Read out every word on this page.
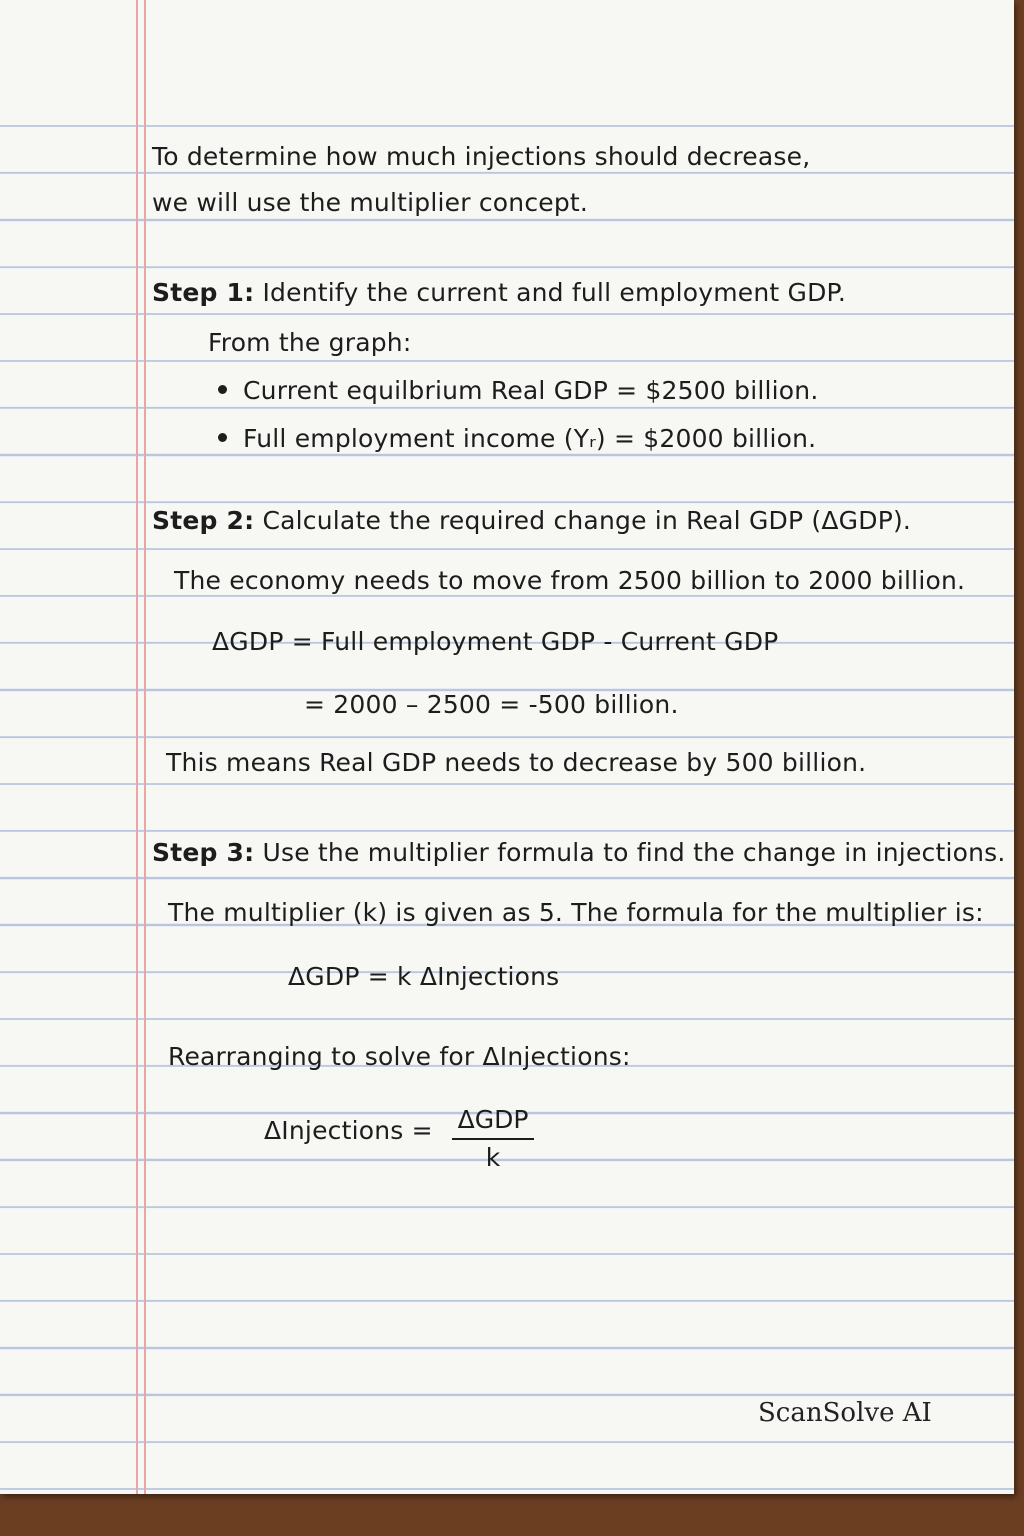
To determine how much injections should decrease,
we will use the multiplier concept.
Step 1: Identify the current and full employment GDP.
From the graph:
Current equilbrium Real GDP = $2500 billion.
Full employment income (Yᵣ) = $2000 billion.
Step 2: Calculate the required change in Real GDP (ΔGDP).
The economy needs to move from 2500 billion to 2000 billion.
ΔGDP = Full employment GDP - Current GDP
= 2000 – 2500 = -500 billion.
This means Real GDP needs to decrease by 500 billion.
Step 3: Use the multiplier formula to find the change in injections.
The multiplier (k) is given as 5. The formula for the multiplier is:
ΔGDP = k ΔInjections
Rearranging to solve for ΔInjections:
ΔInjections = ΔGDP
k
ScanSolve AI
